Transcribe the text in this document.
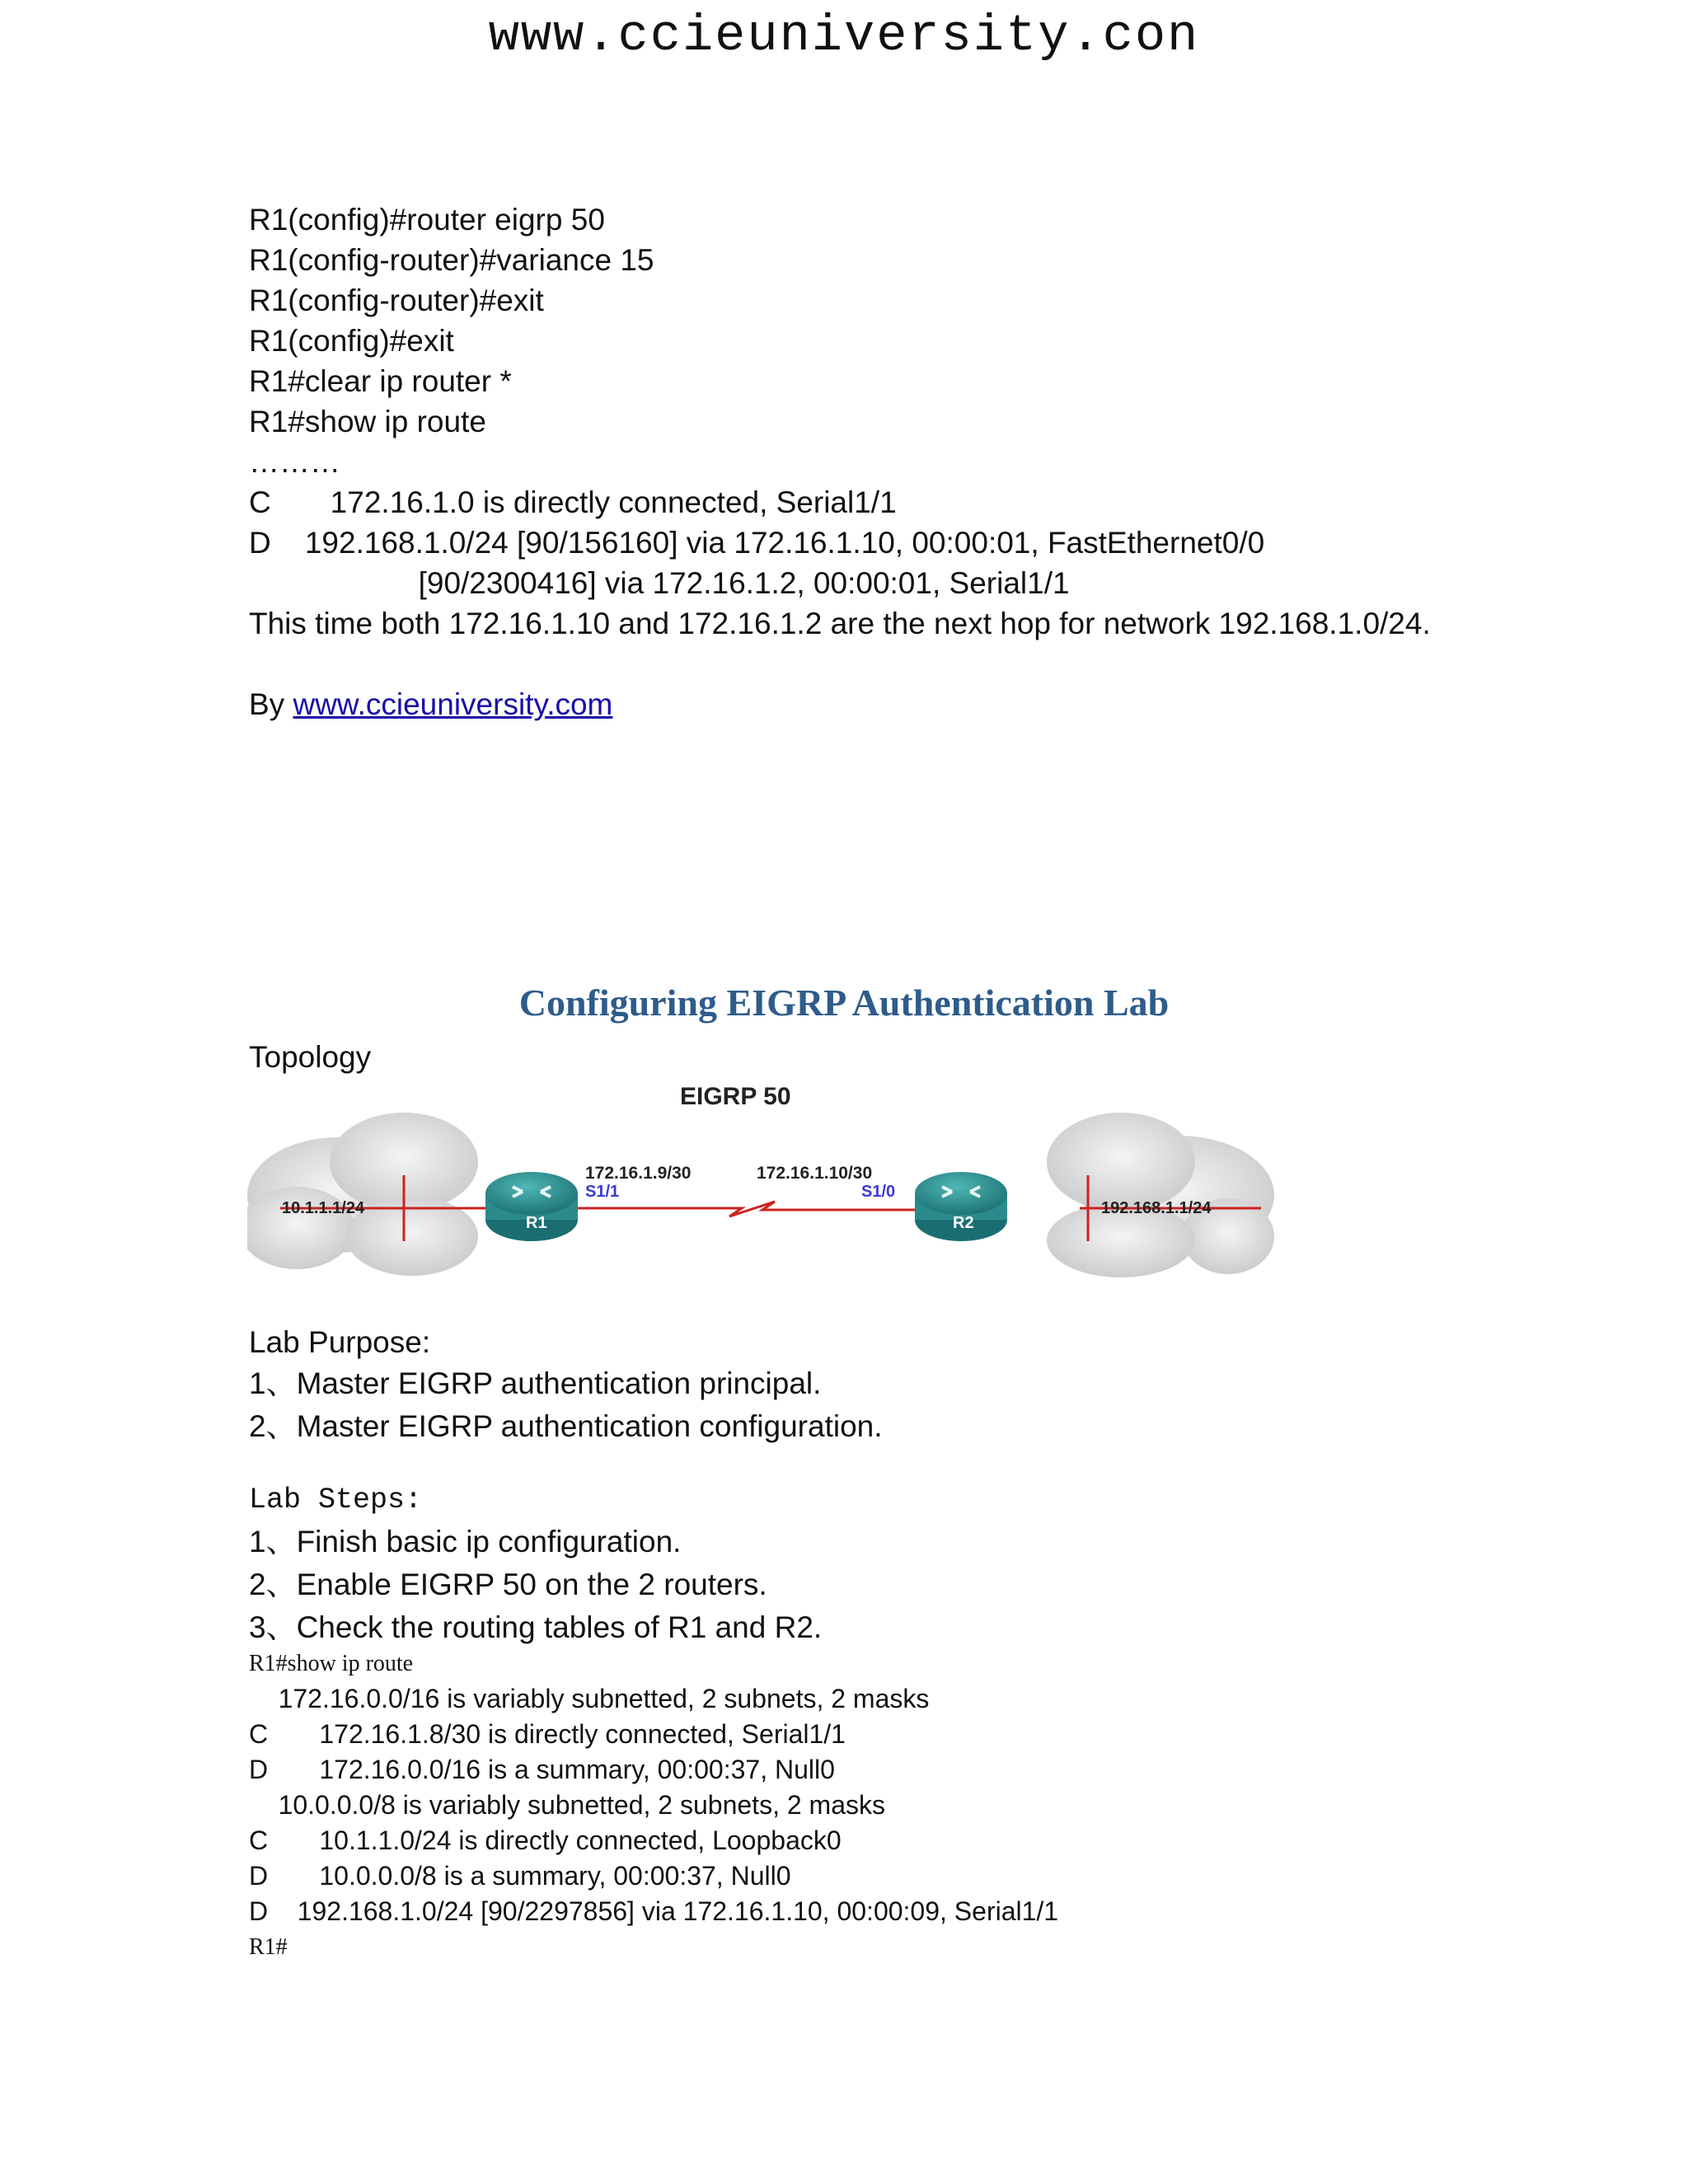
www.ccieuniversity.con
R1(config)#router eigrp 50
R1(config-router)#variance 15
R1(config-router)#exit
R1(config)#exit
R1#clear ip router *
R1#show ip route
………
C       172.16.1.0 is directly connected, Serial1/1
D    192.168.1.0/24 [90/156160] via 172.16.1.10, 00:00:01, FastEthernet0/0
[90/2300416] via 172.16.1.2, 00:00:01, Serial1/1
This time both 172.16.1.10 and 172.16.1.2 are the next hop for network 192.168.1.0/24.
By www.ccieuniversity.com
Configuring EIGRP Authentication Lab
Topology
EIGRP 50
10.1.1.1/24	192.168.1.1/24
R1	R2
172.16.1.9/30
S1/1
172.16.1.10/30
S1/0
Lab Purpose:
1、Master EIGRP authentication principal.
2、Master EIGRP authentication configuration.
Lab Steps:
1、Finish basic ip configuration.
2、Enable EIGRP 50 on the 2 routers.
3、Check the routing tables of R1 and R2.
R1#show ip route
172.16.0.0/16 is variably subnetted, 2 subnets, 2 masks
C       172.16.1.8/30 is directly connected, Serial1/1
D       172.16.0.0/16 is a summary, 00:00:37, Null0
10.0.0.0/8 is variably subnetted, 2 subnets, 2 masks
C       10.1.1.0/24 is directly connected, Loopback0
D       10.0.0.0/8 is a summary, 00:00:37, Null0
D    192.168.1.0/24 [90/2297856] via 172.16.1.10, 00:00:09, Serial1/1
R1#
